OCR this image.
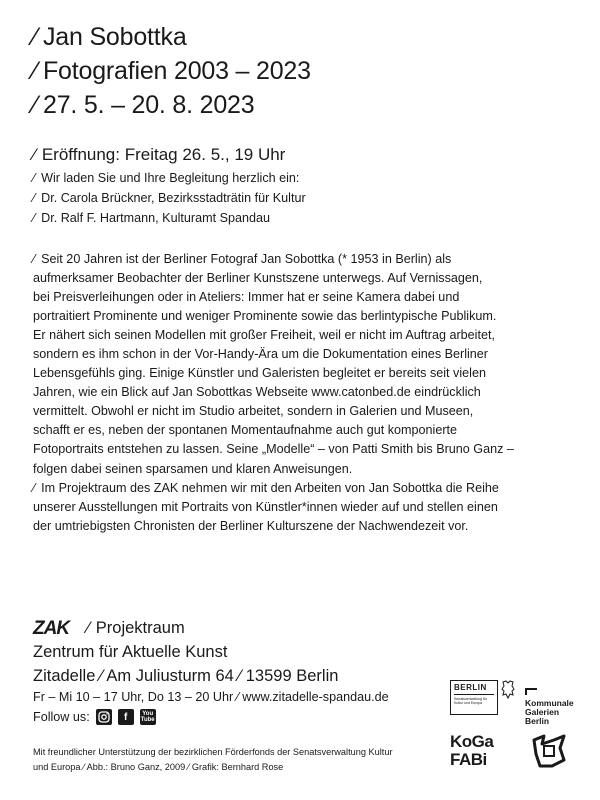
⁄ Jan Sobottka
⁄ Fotografien 2003 – 2023
⁄ 27. 5. – 20. 8. 2023
⁄ Eröffnung: Freitag 26. 5., 19 Uhr
⁄ Wir laden Sie und Ihre Begleitung herzlich ein:
⁄ Dr. Carola Brückner, Bezirksstadträtin für Kultur
⁄ Dr. Ralf F. Hartmann, Kulturamt Spandau
⁄ Seit 20 Jahren ist der Berliner Fotograf Jan Sobottka (* 1953 in Berlin) als
aufmerksamer Beobachter der Berliner Kunstszene unterwegs. Auf Vernissagen,
bei Preisverleihungen oder in Ateliers: Immer hat er seine Kamera dabei und
portraitiert Prominente und weniger Prominente sowie das berlintypische Publikum.
Er nähert sich seinen Modellen mit großer Freiheit, weil er nicht im Auftrag arbeitet,
sondern es ihm schon in der Vor-Handy-Ära um die Dokumentation eines Berliner
Lebensgefühls ging. Einige Künstler und Galeristen begleitet er bereits seit vielen
Jahren, wie ein Blick auf Jan Sobottkas Webseite www.catonbed.de eindrücklich
vermittelt. Obwohl er nicht im Studio arbeitet, sondern in Galerien und Museen,
schafft er es, neben der spontanen Momentaufnahme auch gut komponierte
Fotoportraits entstehen zu lassen. Seine „Modelle“ – von Patti Smith bis Bruno Ganz –
folgen dabei seinen sparsamen und klaren Anweisungen.
⁄ Im Projektraum des ZAK nehmen wir mit den Arbeiten von Jan Sobottka die Reihe
unserer Ausstellungen mit Portraits von Künstler*innen wieder auf und stellen einen
der umtriebigsten Chronisten der Berliner Kulturszene der Nachwendezeit vor.
ZAK ⁄ Projektraum
Zentrum für Aktuelle Kunst
Zitadelle ⁄ Am Juliusturm 64 ⁄ 13599 Berlin
Fr – Mi 10 – 17 Uhr, Do 13 – 20 Uhr ⁄ www.zitadelle-spandau.de
Follow us:	f	You
Tube
Mit freundlicher Unterstützung der bezirklichen Förderfonds der Senatsverwaltung Kultur
und Europa ⁄ Abb.: Bruno Ganz, 2009 ⁄ Grafik: Bernhard Rose
BERLIN
Senatsverwaltung für Kultur und Europa	Kommunale
Galerien
Berlin
KoGa
FABi
